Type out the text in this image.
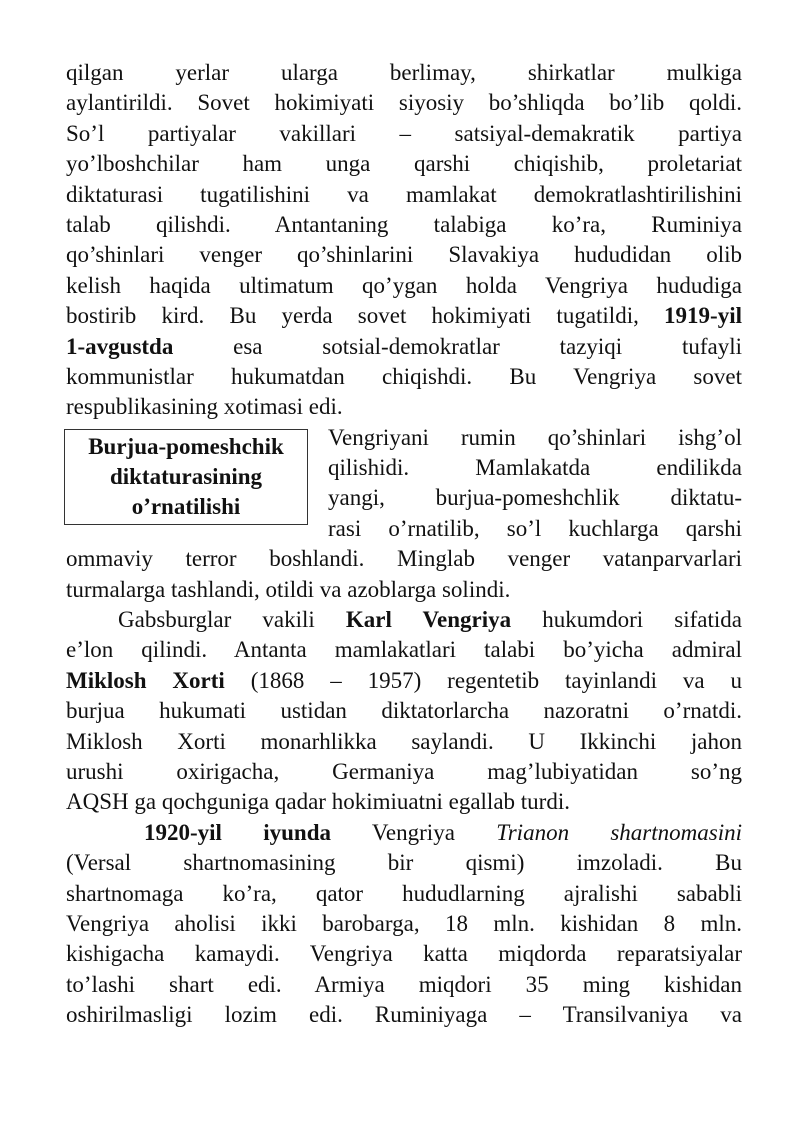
qilgan yerlar ularga berlimay, shirkatlar mulkiga
aylantirildi. Sovet hokimiyati siyosiy bo’shliqda bo’lib qoldi.
So’l partiyalar vakillari – satsiyal-demakratik partiya
yo’lboshchilar ham unga qarshi chiqishib, proletariat
diktaturasi tugatilishini va mamlakat demokratlashtirilishini
talab qilishdi. Antantaning talabiga ko’ra, Ruminiya
qo’shinlari venger qo’shinlarini Slavakiya hududidan olib
kelish haqida ultimatum qo’ygan holda Vengriya hududiga
bostirib kird. Bu yerda sovet hokimiyati tugatildi, 1919-yil
1-avgustda esa sotsial-demokratlar tazyiqi tufayli
kommunistlar hukumatdan chiqishdi. Bu Vengriya sovet
respublikasining xotimasi edi.
Burjua-pomeshchik
diktaturasining
o’rnatilishi
Vengriyani rumin qo’shinlari ishg’ol
qilishidi. Mamlakatda endilikda
yangi, burjua-pomeshchlik diktatu-
rasi o’rnatilib, so’l kuchlarga qarshi
ommaviy terror boshlandi. Minglab venger vatanparvarlari
turmalarga tashlandi, otildi va azoblarga solindi.
Gabsburglar vakili Karl Vengriya hukumdori sifatida
e’lon qilindi. Antanta mamlakatlari talabi bo’yicha admiral
Miklosh Xorti (1868 – 1957) regentetib tayinlandi va u
burjua hukumati ustidan diktatorlarcha nazoratni o’rnatdi.
Miklosh Xorti monarhlikka saylandi. U Ikkinchi jahon
urushi oxirigacha, Germaniya mag’lubiyatidan so’ng
AQSH ga qochguniga qadar hokimiuatni egallab turdi.
1920-yil iyunda Vengriya Trianon shartnomasini
(Versal shartnomasining bir qismi) imzoladi. Bu
shartnomaga ko’ra, qator hududlarning ajralishi sababli
Vengriya aholisi ikki barobarga, 18 mln. kishidan 8 mln.
kishigacha kamaydi. Vengriya katta miqdorda reparatsiyalar
to’lashi shart edi. Armiya miqdori 35 ming kishidan
oshirilmasligi lozim edi. Ruminiyaga – Transilvaniya va
